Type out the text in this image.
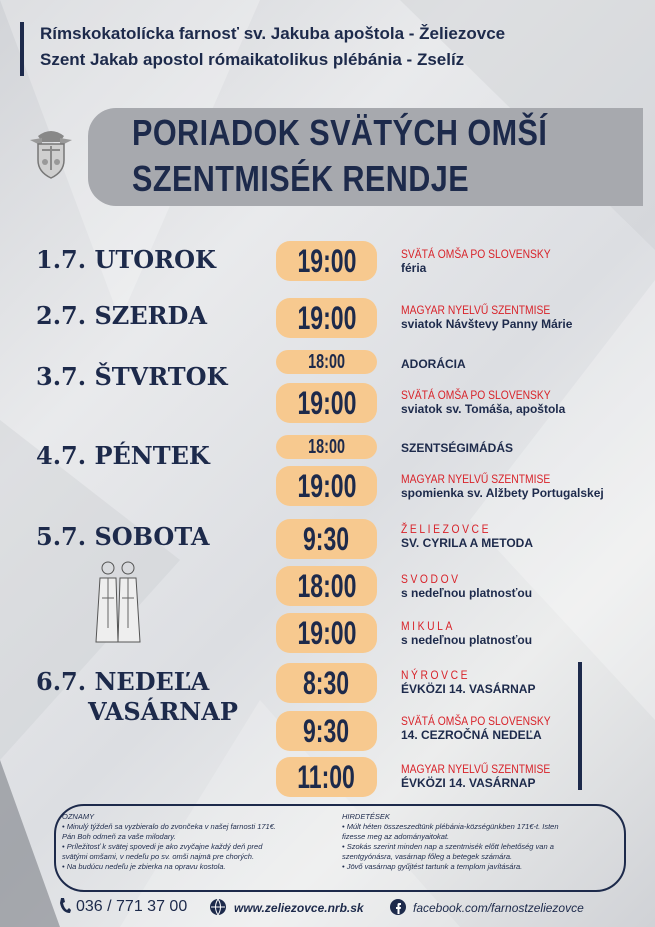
Rímskokatolícka farnosť sv. Jakuba apoštola - Želiezovce
Szent Jakab apostol rómaikatolikus plébánia - Zselíz
PORIADOK SVÄTÝCH OMŠÍ
SZENTMISÉK RENDJE
1.7. UTOROK
2.7. SZERDA
3.7. ŠTVRTOK
4.7. PÉNTEK
5.7. SOBOTA
6.7. NEDEĽA
VASÁRNAP
19:00
19:00
18:00
19:00
18:00
19:00
9:30
18:00
19:00
8:30
9:30
11:00
SVÄTÁ OMŠA PO SLOVENSKY
féria
MAGYAR NYELVŰ SZENTMISE
sviatok Návštevy Panny Márie
ADORÁCIA
SVÄTÁ OMŠA PO SLOVENSKY
sviatok sv. Tomáša, apoštola
SZENTSÉGIMÁDÁS
MAGYAR NYELVŰ SZENTMISE
spomienka sv. Alžbety Portugalskej
ŽELIEZOVCE
SV. CYRILA A METODA
SVODOV
s nedeľnou platnosťou
MIKULA
s nedeľnou platnosťou
NÝROVCE
ÉVKÖZI 14. VASÁRNAP
SVÄTÁ OMŠA PO SLOVENSKY
14. CEZROČNÁ NEDEĽA
MAGYAR NYELVŰ SZENTMISE
ÉVKÖZI 14. VASÁRNAP
OZNAMY
• Minulý týždeň sa vyzbieralo do zvončeka v našej farnosti 171€.
Pán Boh odmeň za vaše milodary.
• Príležitosť k svätej spovedi je ako zvyčajne každý deň pred
svätými omšami, v nedeľu po sv. omši najmä pre chorých.
• Na budúcu nedeľu je zbierka na opravu kostola.
HIRDETÉSEK
• Múlt héten összeszedtünk plébánia-községünkben 171€-t. Isten
fizesse meg az adományaitokat.
• Szokás szerint minden nap a szentmisék előtt lehetőség van a
szentgyónásra, vasárnap főleg a betegek számára.
• Jövő vasárnap gyűjtést tartunk a templom javítására.
036 / 771 37 00	www.zeliezovce.nrb.sk	facebook.com/farnostzeliezovce
